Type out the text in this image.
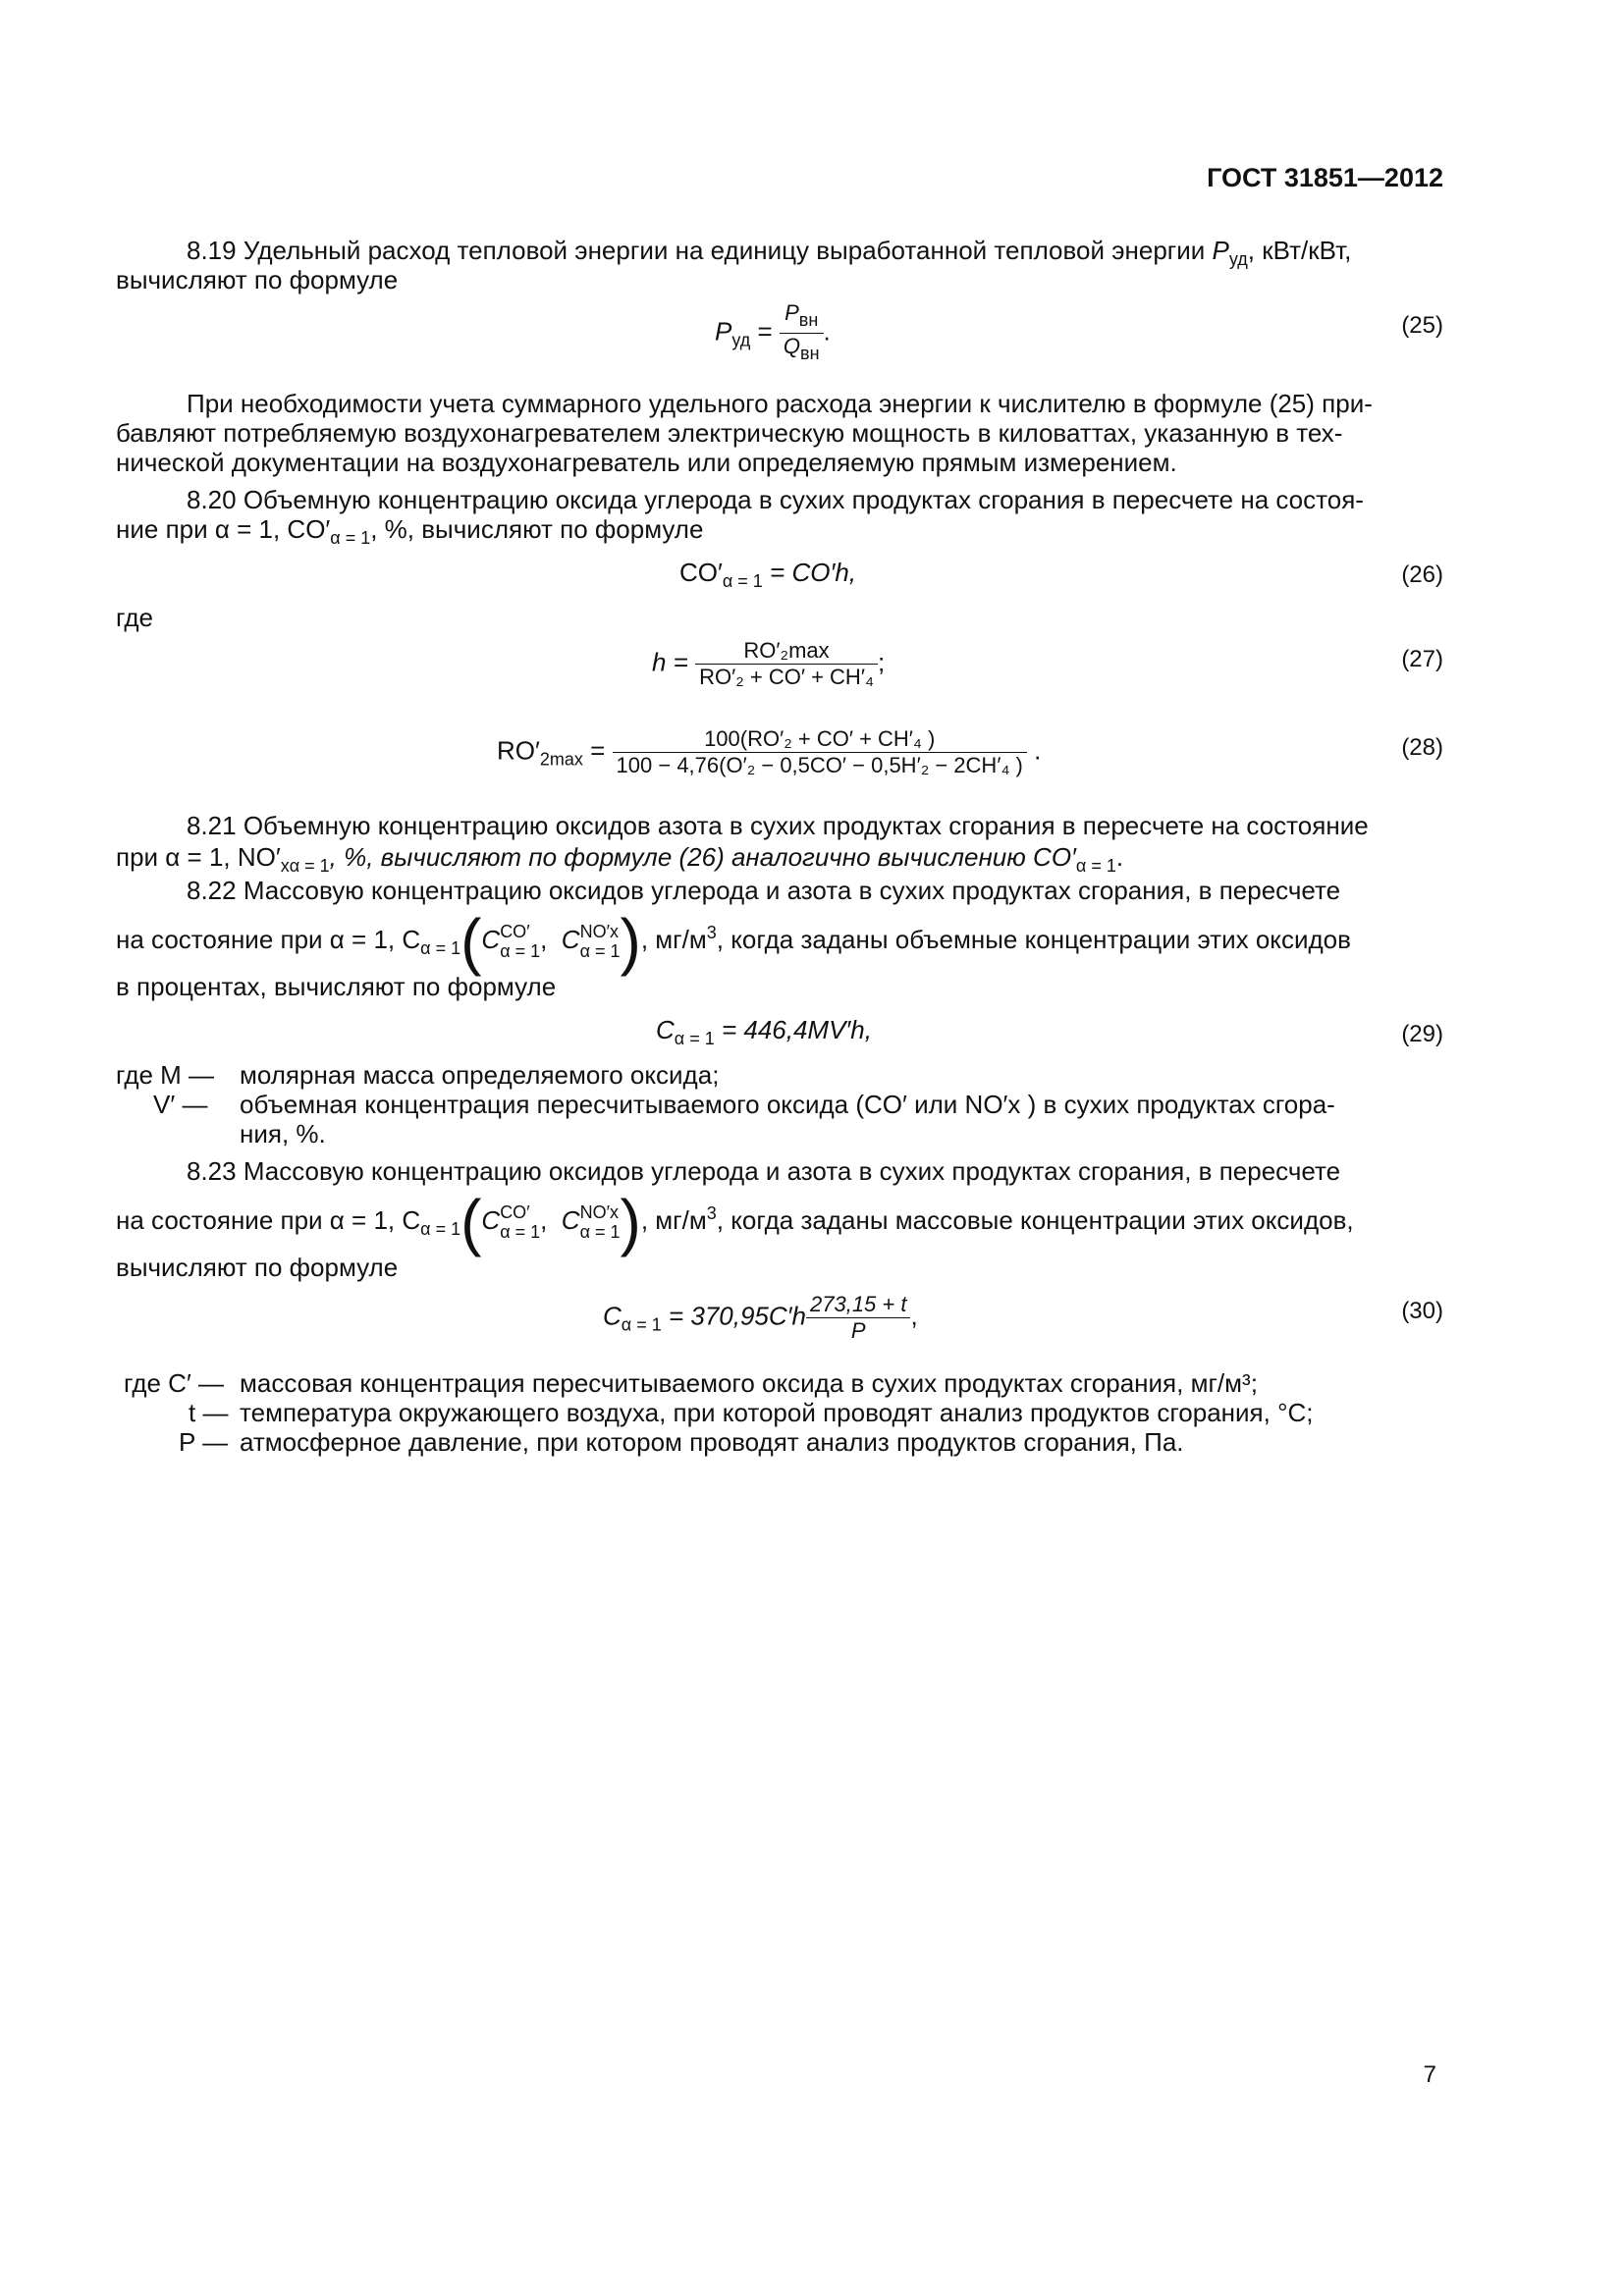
ГОСТ 31851—2012
8.19 Удельный расход тепловой энергии на единицу выработанной тепловой энергии $P_{уд}$, кВт/кВт,
вычисляют по формуле
$P_{уд} = \frac{P_{вн}}{Q_{вн}}$ .	(25)
При необходимости учета суммарного удельного расхода энергии к числителю в формуле (25) при-
бавляют потребляемую воздухонагревателем электрическую мощность в киловаттах, указанную в тех-
нической документации на воздухонагреватель или определяемую прямым измерением.
8.20 Объемную концентрацию оксида углерода в сухих продуктах сгорания в пересчете на состоя-
ние при α = 1, $CO'_{\alpha = 1}$, %, вычисляют по формуле
$CO'_{\alpha = 1} = CO'h$,	(26)
где
$h = \frac{\text{RO′₂max}}{\text{RO′₂ + CO′ + CH′₄}}$ ;	(27)
$RO'_{2max} = \frac{\text{100(RO′₂ + CO′ + CH′₄ )}}{\text{100 − 4,76(O′₂ − 0,5CO′ − 0,5H′₂ − 2CH′₄ )}}$ .	(28)
8.21 Объемную концентрацию оксидов азота в сухих продуктах сгорания в пересчете на состояние
при α = 1, $NO'_{x\alpha = 1}$, %, вычисляют по формуле (26) аналогично вычислению $CO'_{\alpha = 1}$.
8.22 Массовую концентрацию оксидов углерода и азота в сухих продуктах сгорания, в пересчете
на состояние при α = 1, $C_{\alpha = 1}(CCO'$
α = 1,  CNO′x
α = 1), $мг/м^3$, когда заданы объемные концентрации этих оксидов
в процентах, вычисляют по формуле
$C_{\alpha = 1} = 446,4MV'h$,	(29)
где M — молярная масса определяемого оксида;
V′ — объемная концентрация пересчитываемого оксида (CO′ или NO′x ) в сухих продуктах сгора-
ния, %.
8.23 Массовую концентрацию оксидов углерода и азота в сухих продуктах сгорания, в пересчете
на состояние при α = 1, $C_{\alpha = 1}(CCO'$
α = 1,  CNO′x
α = 1), $мг/м^3$, когда заданы массовые концентрации этих оксидов,
вычисляют по формуле
$C_{\alpha = 1} = 370,95C'h \frac{273,15 + t}{P}$ ,	(30)
где C′ — массовая концентрация пересчитываемого оксида в сухих продуктах сгорания, мг/м³;
t — температура окружающего воздуха, при которой проводят анализ продуктов сгорания, °C;
P — атмосферное давление, при котором проводят анализ продуктов сгорания, Па.
7
